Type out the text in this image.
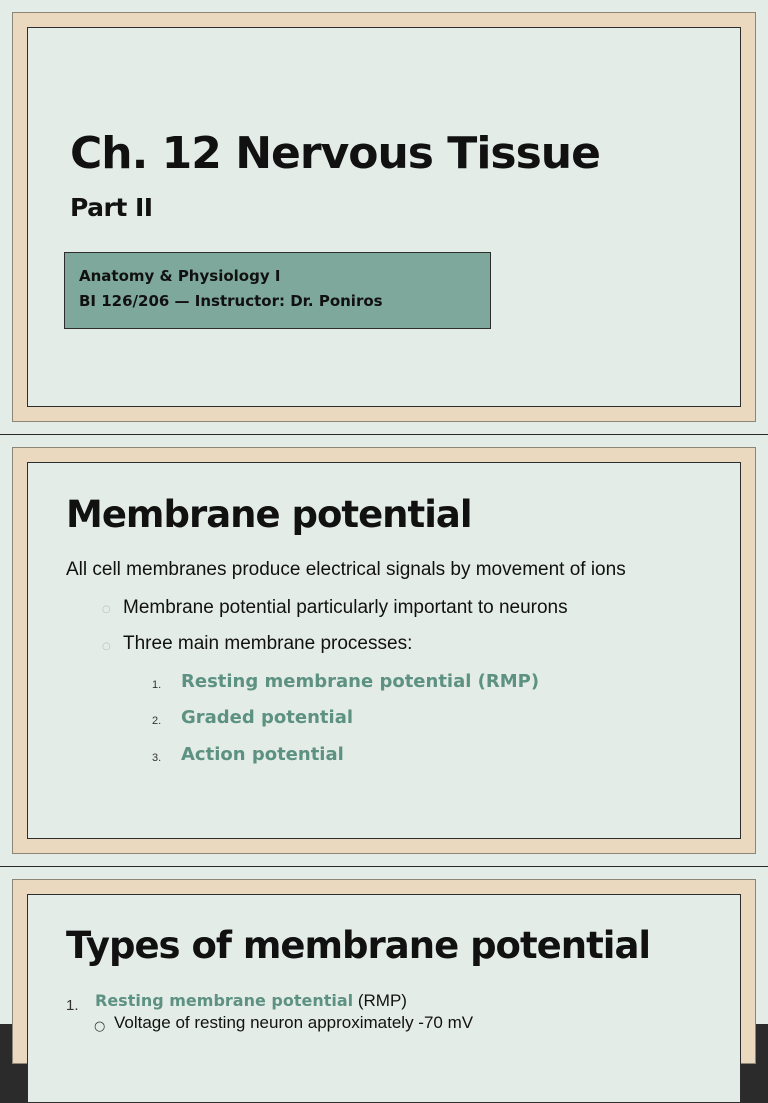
Ch. 12 Nervous Tissue
Part II
Anatomy & Physiology I
BI 126/206 — Instructor: Dr. Poniros
Membrane potential
All cell membranes produce electrical signals by movement of ions
○ Membrane potential particularly important to neurons
○ Three main membrane processes:
1. Resting membrane potential (RMP)
2. Graded potential
3. Action potential
Types of membrane potential
1. Resting membrane potential (RMP)
○ Voltage of resting neuron approximately -70 mV
